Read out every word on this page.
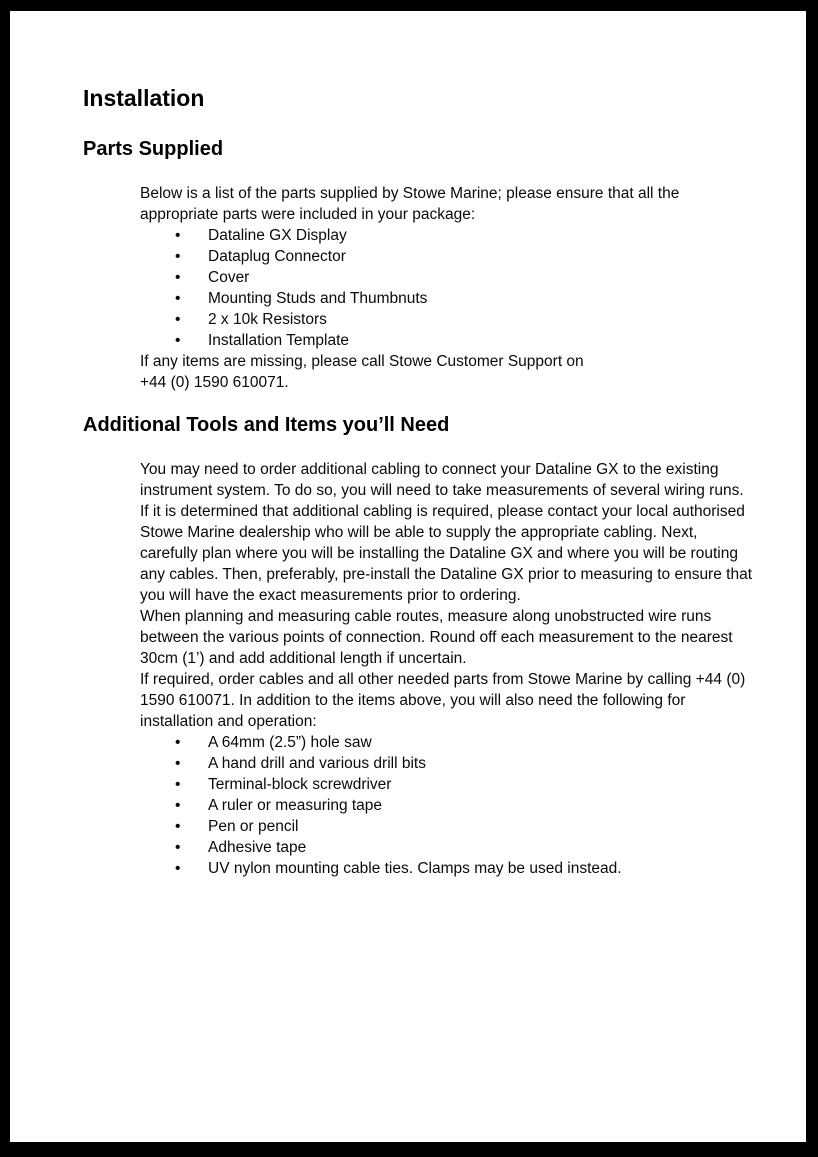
Installation
Parts Supplied

Below is a list of the parts supplied by Stowe Marine; please ensure that all the appropriate parts were included in your package:

•	Dataline GX Display
•	Dataplug Connector
•	Cover
•	Mounting Studs and Thumbnuts
•	2 x 10k Resistors
•	Installation Template

If any items are missing, please call Stowe Customer Support on

+44 (0) 1590 610071.

Additional Tools and Items you’ll Need

You may need to order additional cabling to connect your Dataline GX to the existing instrument system. To do so, you will need to take measurements of several wiring runs. If it is determined that additional cabling is required, please contact your local authorised Stowe Marine dealership who will be able to supply the appropriate cabling. Next, carefully plan where you will be installing the Dataline GX and where you will be routing any cables. Then, preferably, pre-install the Dataline GX prior to measuring to ensure that you will have the exact measurements prior to ordering.

When planning and measuring cable routes, measure along unobstructed wire runs between the various points of connection. Round off each measurement to the nearest 30cm (1’) and add additional length if uncertain.

If required, order cables and all other needed parts from Stowe Marine by calling +44 (0) 1590 610071. In addition to the items above, you will also need the following for installation and operation:

•	A 64mm (2.5”) hole saw
•	A hand drill and various drill bits
•	Terminal-block screwdriver
•	A ruler or measuring tape
•	Pen or pencil
•	Adhesive tape
•	UV nylon mounting cable ties. Clamps may be used instead.
